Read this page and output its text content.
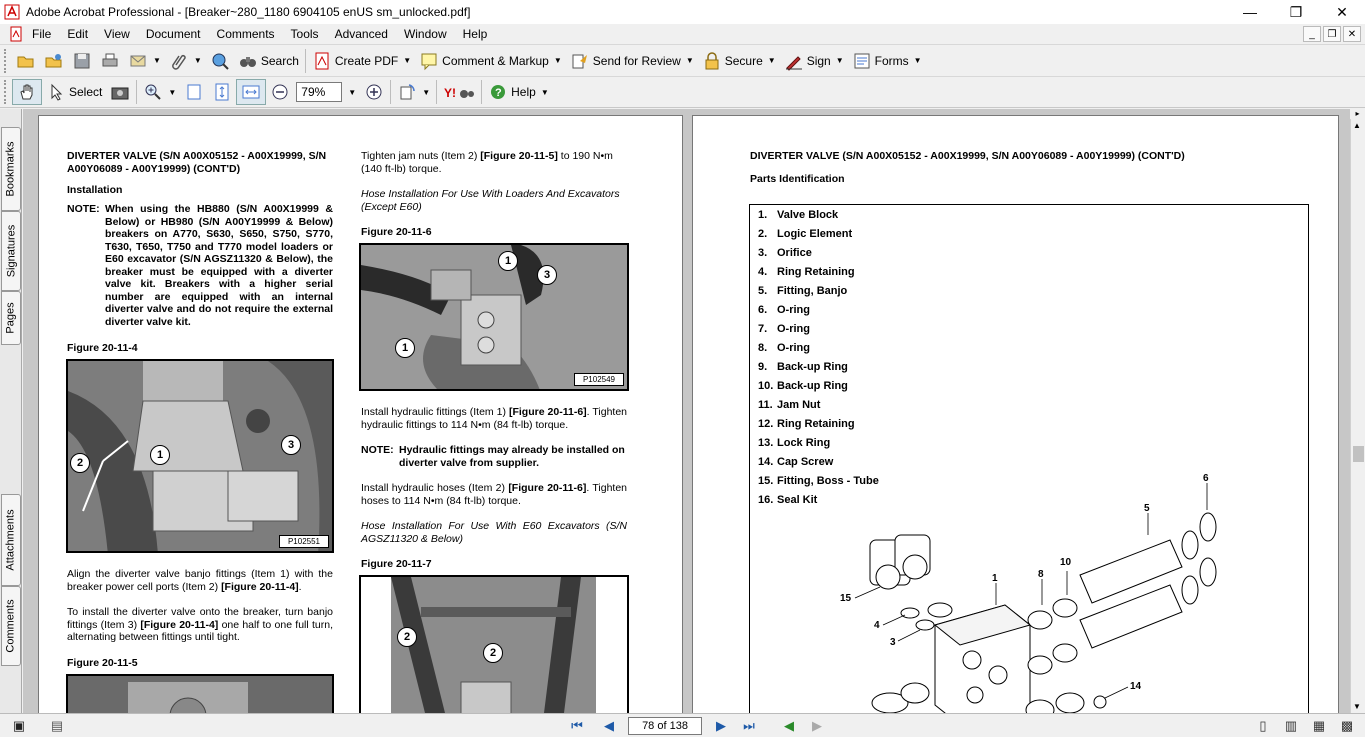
Adobe Acrobat Professional - [Breaker~280_1180 6904105 enUS sm_unlocked.pdf]	—	❐	✕
File	Edit	View	Document	Comments	Tools	Advanced	Window	Help	_	❐	✕
▼	▼	Search	Create PDF ▼	Comment & Markup ▼	Send for Review ▼	Secure ▼	Sign ▼	Forms ▼
Select	▼	79%	▼	▼ Y!	? Help ▼
Bookmarks
Signatures
Pages
Attachments
Comments
DIVERTER VALVE (S/N A00X05152 - A00X19999, S/N A00Y06089 - A00Y19999) (CONT'D)
Installation
NOTE: When using the HB880 (S/N A00X19999 & Below) or HB980 (S/N A00Y19999 & Below) breakers on A770, S630, S650, S750, S770, T630, T650, T750 and T770 model loaders or E60 excavator (S/N AGSZ11320 & Below), the breaker must be equipped with a diverter valve kit. Breakers with a higher serial number are equipped with an internal diverter valve and do not require the external diverter valve kit.
Figure 20-11-4
1
2
3
P102551
Align the diverter valve banjo fittings (Item 1) with the breaker power cell ports (Item 2) [Figure 20-11-4].
To install the diverter valve onto the breaker, turn banjo fittings (Item 3) [Figure 20-11-4] one half to one full turn, alternating between fittings until tight.
Figure 20-11-5
Tighten jam nuts (Item 2) [Figure 20-11-5] to 190 N•m (140 ft-lb) torque.
Hose Installation For Use With Loaders And Excavators (Except E60)
Figure 20-11-6
1
1
3
P102549
Install hydraulic fittings (Item 1) [Figure 20-11-6]. Tighten hydraulic fittings to 114 N•m (84 ft-lb) torque.
NOTE: Hydraulic fittings may already be installed on diverter valve from supplier.
Install hydraulic hoses (Item 2) [Figure 20-11-6]. Tighten hoses to 114 N•m (84 ft-lb) torque.
Hose Installation For Use With E60 Excavators (S/N AGSZ11320 & Below)
Figure 20-11-7
2
2
DIVERTER VALVE (S/N A00X05152 - A00X19999, S/N A00Y06089 - A00Y19999) (CONT'D)
Parts Identification
1. Valve Block
2. Logic Element
3. Orifice
4. Ring Retaining
5. Fitting, Banjo
6. O-ring
7. O-ring
8. O-ring
9. Back-up Ring
10. Back-up Ring
11. Jam Nut
12. Ring Retaining
13. Lock Ring
14. Cap Screw
15. Fitting, Boss - Tube
16. Seal Kit
6
5
10
8
1
15
4
3
14
▲
▼
▸
▣	▤	⏮	◀	78 of 138	▶	⏭	◀	▶	▯	▥	▦	▩
